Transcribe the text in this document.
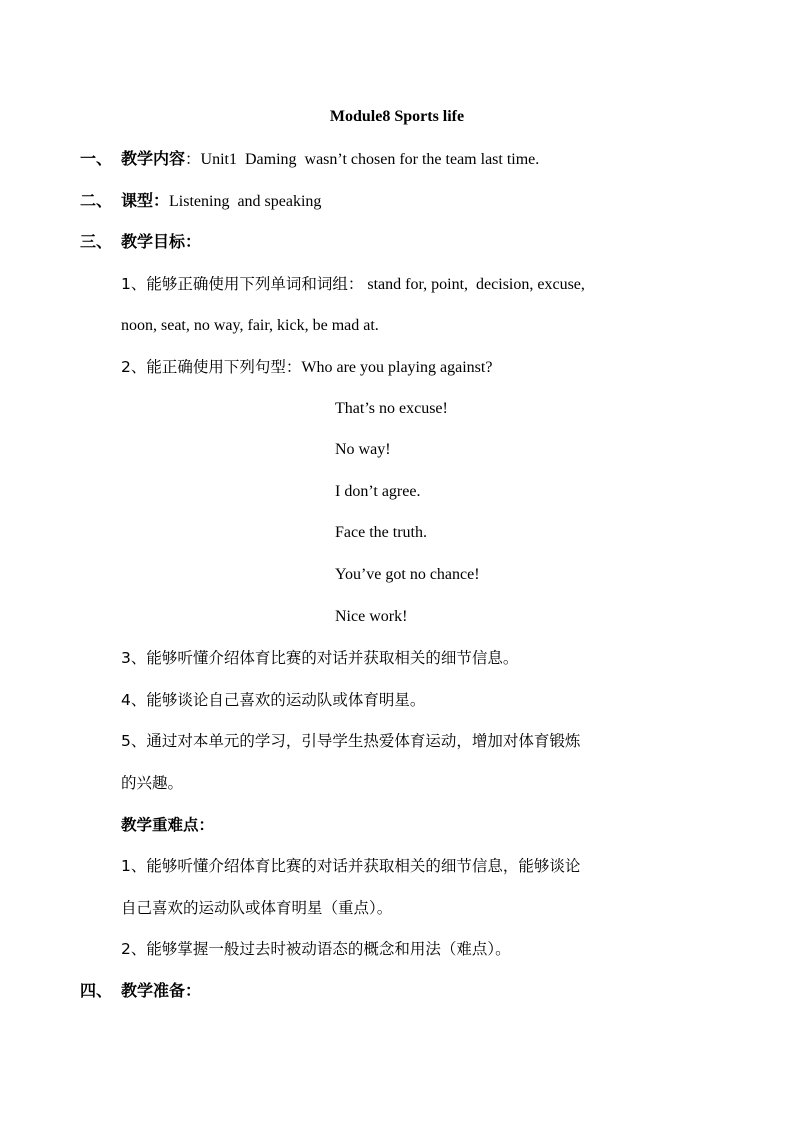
Module8 Sports life
一、 教学内容：Unit1  Daming  wasn’t chosen for the team last time.
二、 课型：Listening  and speaking
三、 教学目标：
1、能够正确使用下列单词和词组： stand for, point,  decision, excuse,
noon, seat, no way, fair, kick, be mad at.
2、能正确使用下列句型：Who are you playing against?
That’s no excuse!
No way!
I don’t agree.
Face the truth.
You’ve got no chance!
Nice work!
3、能够听懂介绍体育比赛的对话并获取相关的细节信息。
4、能够谈论自己喜欢的运动队或体育明星。
5、通过对本单元的学习，引导学生热爱体育运动，增加对体育锻炼
的兴趣。
教学重难点：
1、能够听懂介绍体育比赛的对话并获取相关的细节信息，能够谈论
自己喜欢的运动队或体育明星（重点）。
2、能够掌握一般过去时被动语态的概念和用法（难点）。
四、 教学准备：
